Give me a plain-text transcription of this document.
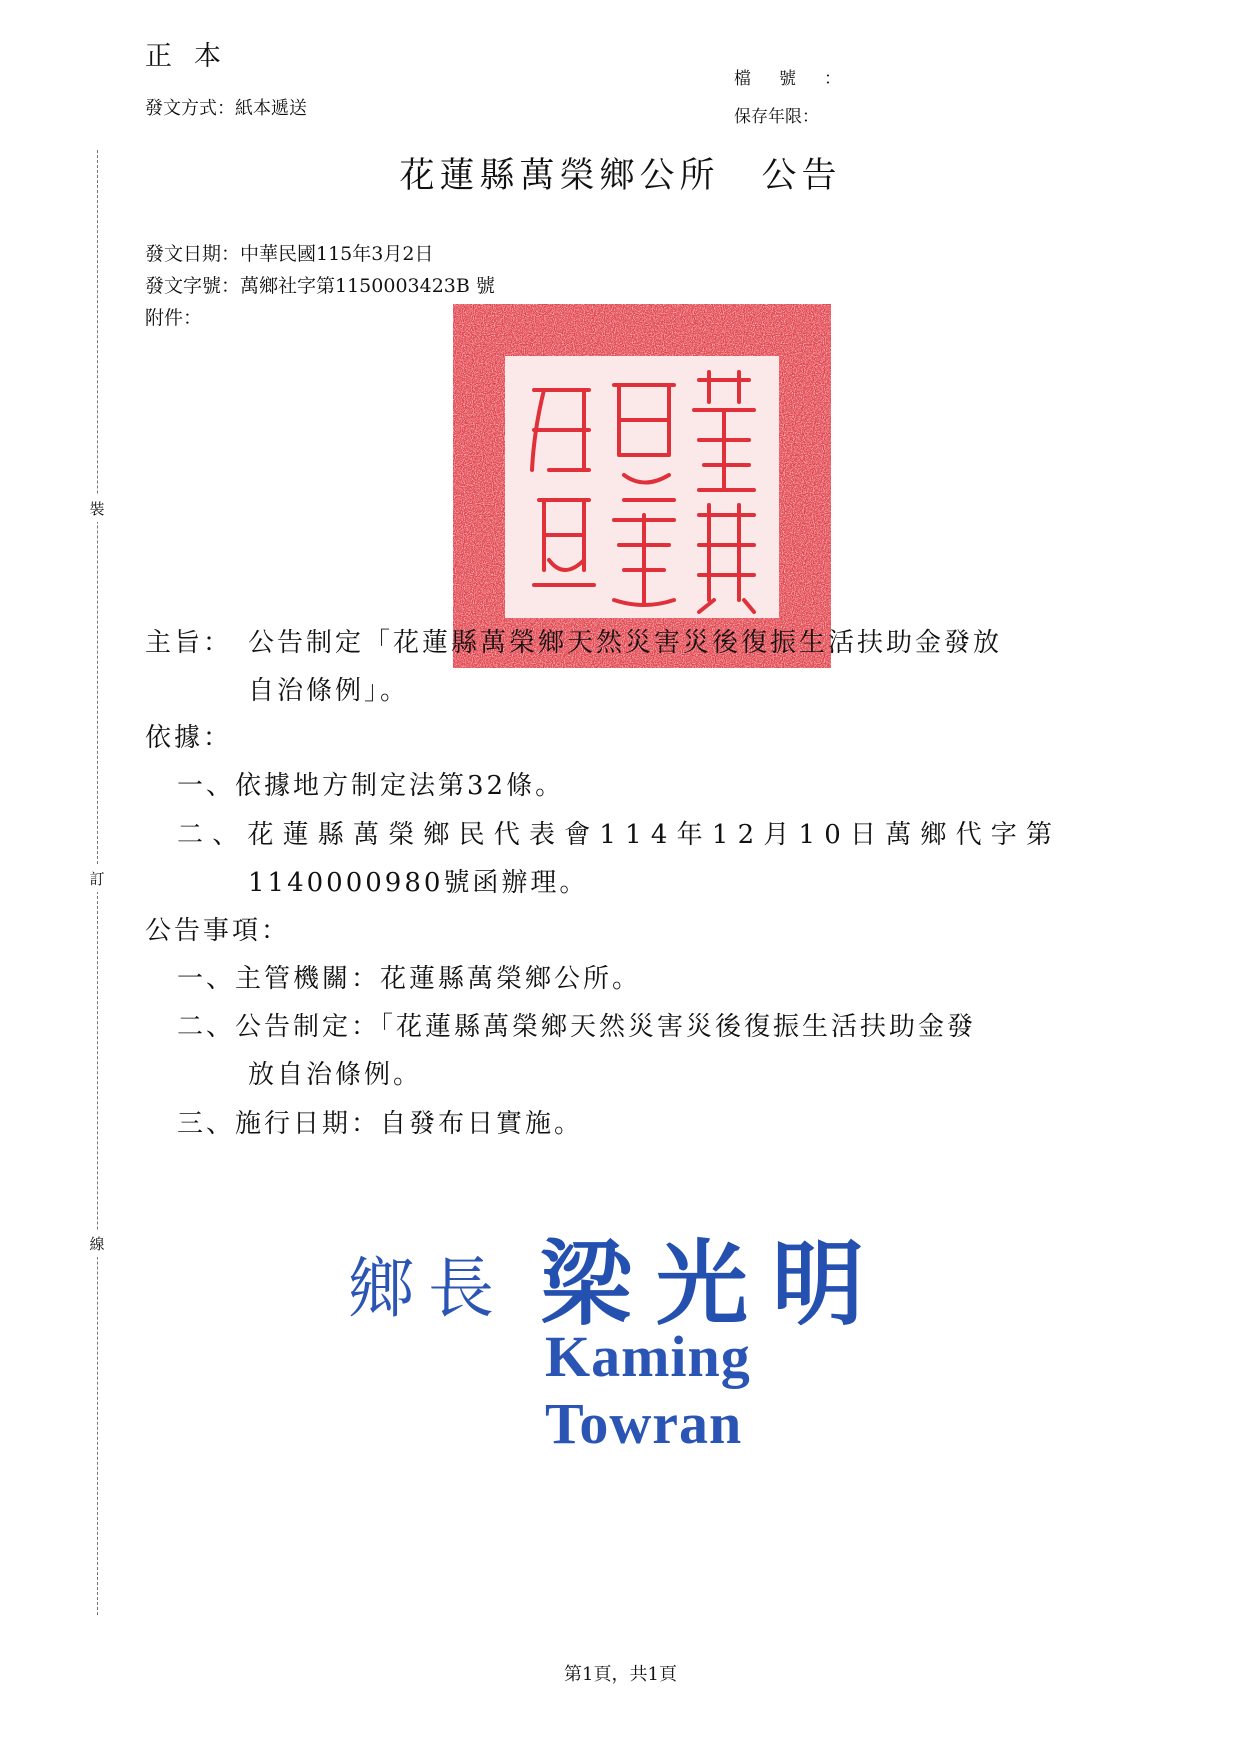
正本
發文方式：紙本遞送
檔號：
保存年限：
花蓮縣萬榮鄉公所 公告
發文日期：中華民國115年3月2日
發文字號：萬鄉社字第1150003423B 號
附件：
裝
訂
線
主旨： 公告制定「花蓮縣萬榮鄉天然災害災後復振生活扶助金發放
自治條例」。
依據：
一、依據地方制定法第32條。
二、花蓮縣萬榮鄉民代表會114年12月10日萬鄉代字第
1140000980號函辦理。
公告事項：
一、主管機關：花蓮縣萬榮鄉公所。
二、公告制定：「花蓮縣萬榮鄉天然災害災後復振生活扶助金發
放自治條例。
三、施行日期：自發布日實施。
鄉長 梁光明
Kaming Towran
第1頁，共1頁
